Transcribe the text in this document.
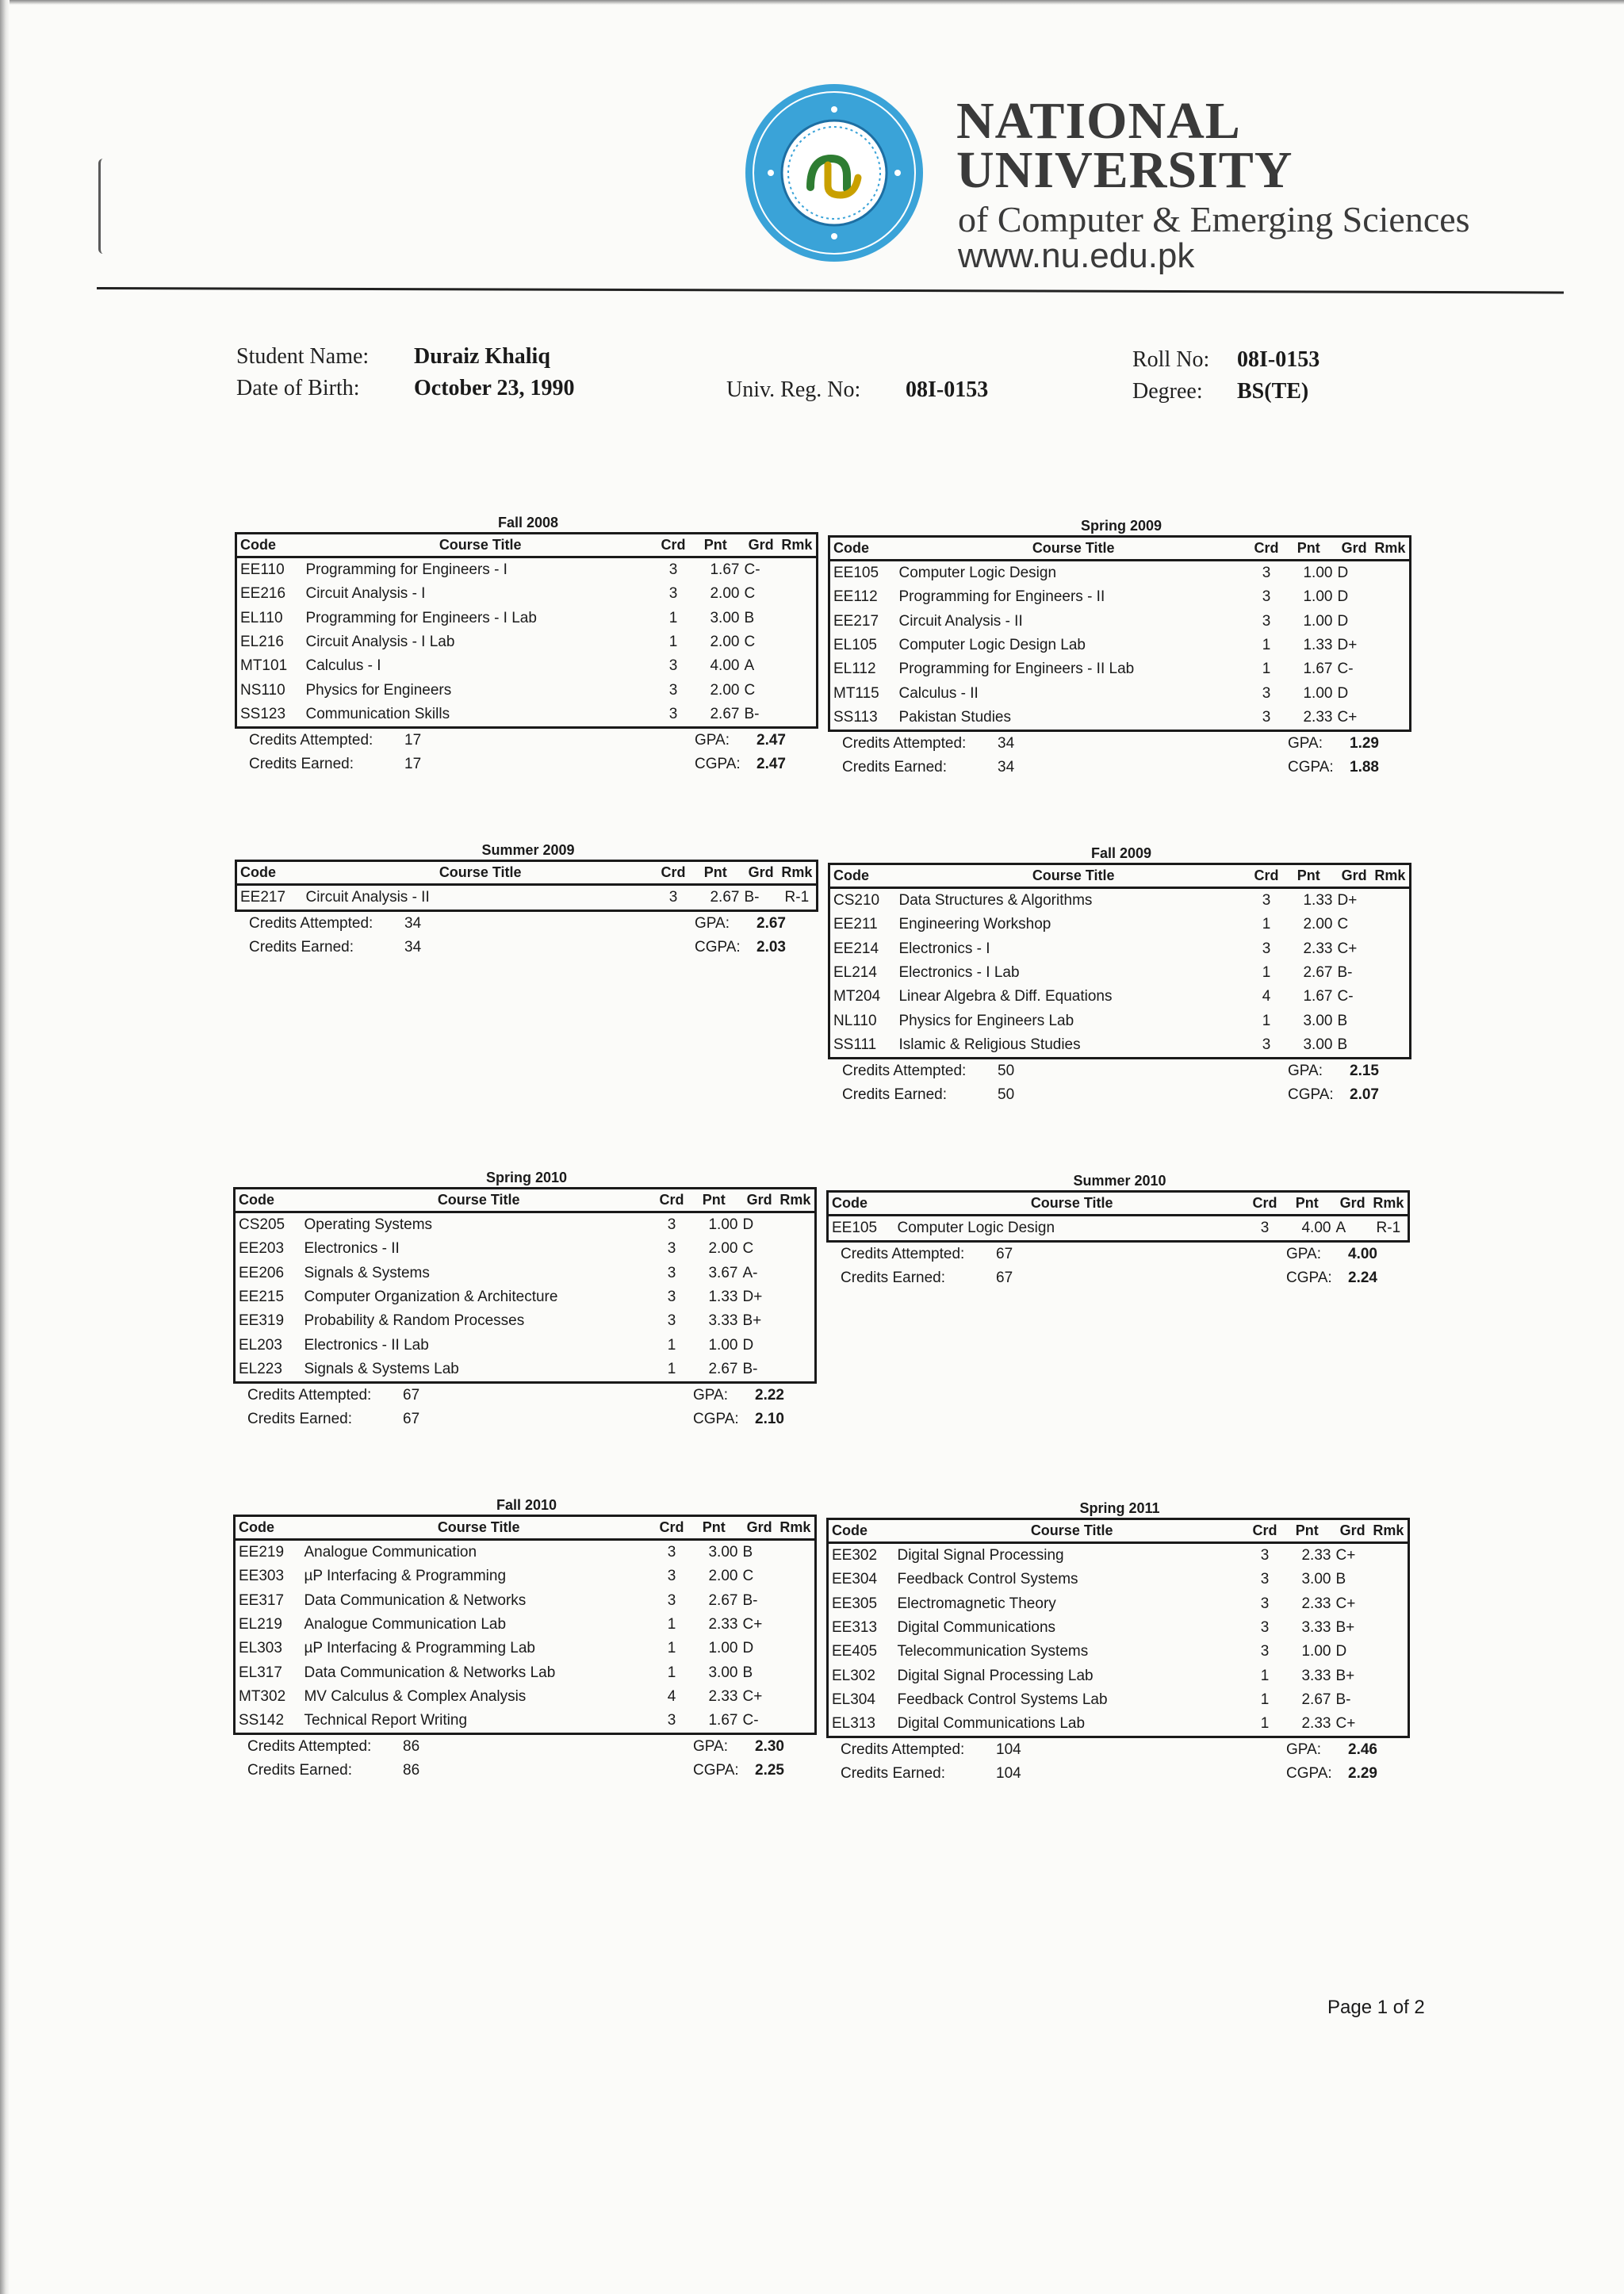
NATIONAL
UNIVERSITY
of Computer & Emerging Sciences
www.nu.edu.pk
Student Name: Duraiz Khaliq
Date of Birth: October 23, 1990	Univ. Reg. No: 08I-0153
Roll No: 08I-0153
Degree: BS(TE)
Fall 2008
Code	Course Title	Crd	Pnt	Grd	Rmk
EE110	Programming for Engineers - I	3	1.67	C-	
EE216	Circuit Analysis - I	3	2.00	C	
EL110	Programming for Engineers - I Lab	1	3.00	B	
EL216	Circuit Analysis - I Lab	1	2.00	C	
MT101	Calculus - I	3	4.00	A	
NS110	Physics for Engineers	3	2.00	C	
SS123	Communication Skills	3	2.67	B-	
Credits Attempted: 17
Credits Earned:	17
GPA: 2.47
CGPA: 2.47
Spring 2009
Code	Course Title	Crd	Pnt	Grd	Rmk
EE105	Computer Logic Design	3	1.00	D	
EE112	Programming for Engineers - II	3	1.00	D	
EE217	Circuit Analysis - II	3	1.00	D	
EL105	Computer Logic Design Lab	1	1.33	D+	
EL112	Programming for Engineers - II Lab	1	1.67	C-	
MT115	Calculus - II	3	1.00	D	
SS113	Pakistan Studies	3	2.33	C+	
Credits Attempted: 34
Credits Earned:	34
GPA: 1.29
CGPA: 1.88
Summer 2009
Code	Course Title	Crd	Pnt	Grd	Rmk
EE217	Circuit Analysis - II	3	2.67	B-	R-1
Credits Attempted: 34
Credits Earned:	34
GPA: 2.67
CGPA: 2.03
Fall 2009
Code	Course Title	Crd	Pnt	Grd	Rmk
CS210	Data Structures & Algorithms	3	1.33	D+	
EE211	Engineering Workshop	1	2.00	C	
EE214	Electronics - I	3	2.33	C+	
EL214	Electronics - I Lab	1	2.67	B-	
MT204	Linear Algebra & Diff. Equations	4	1.67	C-	
NL110	Physics for Engineers Lab	1	3.00	B	
SS111	Islamic & Religious Studies	3	3.00	B	
Credits Attempted: 50
Credits Earned:	50
GPA: 2.15
CGPA: 2.07
Spring 2010
Code	Course Title	Crd	Pnt	Grd	Rmk
CS205	Operating Systems	3	1.00	D	
EE203	Electronics - II	3	2.00	C	
EE206	Signals & Systems	3	3.67	A-	
EE215	Computer Organization & Architecture	3	1.33	D+	
EE319	Probability & Random Processes	3	3.33	B+	
EL203	Electronics - II Lab	1	1.00	D	
EL223	Signals & Systems Lab	1	2.67	B-	
Credits Attempted: 67
Credits Earned:	67
GPA: 2.22
CGPA: 2.10
Summer 2010
Code	Course Title	Crd	Pnt	Grd	Rmk
EE105	Computer Logic Design	3	4.00	A	R-1
Credits Attempted: 67
Credits Earned:	67
GPA: 4.00
CGPA: 2.24
Fall 2010
Code	Course Title	Crd	Pnt	Grd	Rmk
EE219	Analogue Communication	3	3.00	B	
EE303	µP Interfacing & Programming	3	2.00	C	
EE317	Data Communication & Networks	3	2.67	B-	
EL219	Analogue Communication Lab	1	2.33	C+	
EL303	µP Interfacing & Programming Lab	1	1.00	D	
EL317	Data Communication & Networks Lab	1	3.00	B	
MT302	MV Calculus & Complex Analysis	4	2.33	C+	
SS142	Technical Report Writing	3	1.67	C-	
Credits Attempted: 86
Credits Earned:	86
GPA: 2.30
CGPA: 2.25
Spring 2011
Code	Course Title	Crd	Pnt	Grd	Rmk
EE302	Digital Signal Processing	3	2.33	C+	
EE304	Feedback Control Systems	3	3.00	B	
EE305	Electromagnetic Theory	3	2.33	C+	
EE313	Digital Communications	3	3.33	B+	
EE405	Telecommunication Systems	3	1.00	D	
EL302	Digital Signal Processing Lab	1	3.33	B+	
EL304	Feedback Control Systems Lab	1	2.67	B-	
EL313	Digital Communications Lab	1	2.33	C+	
Credits Attempted: 104
Credits Earned:	104
GPA: 2.46
CGPA: 2.29
Page 1 of 2
